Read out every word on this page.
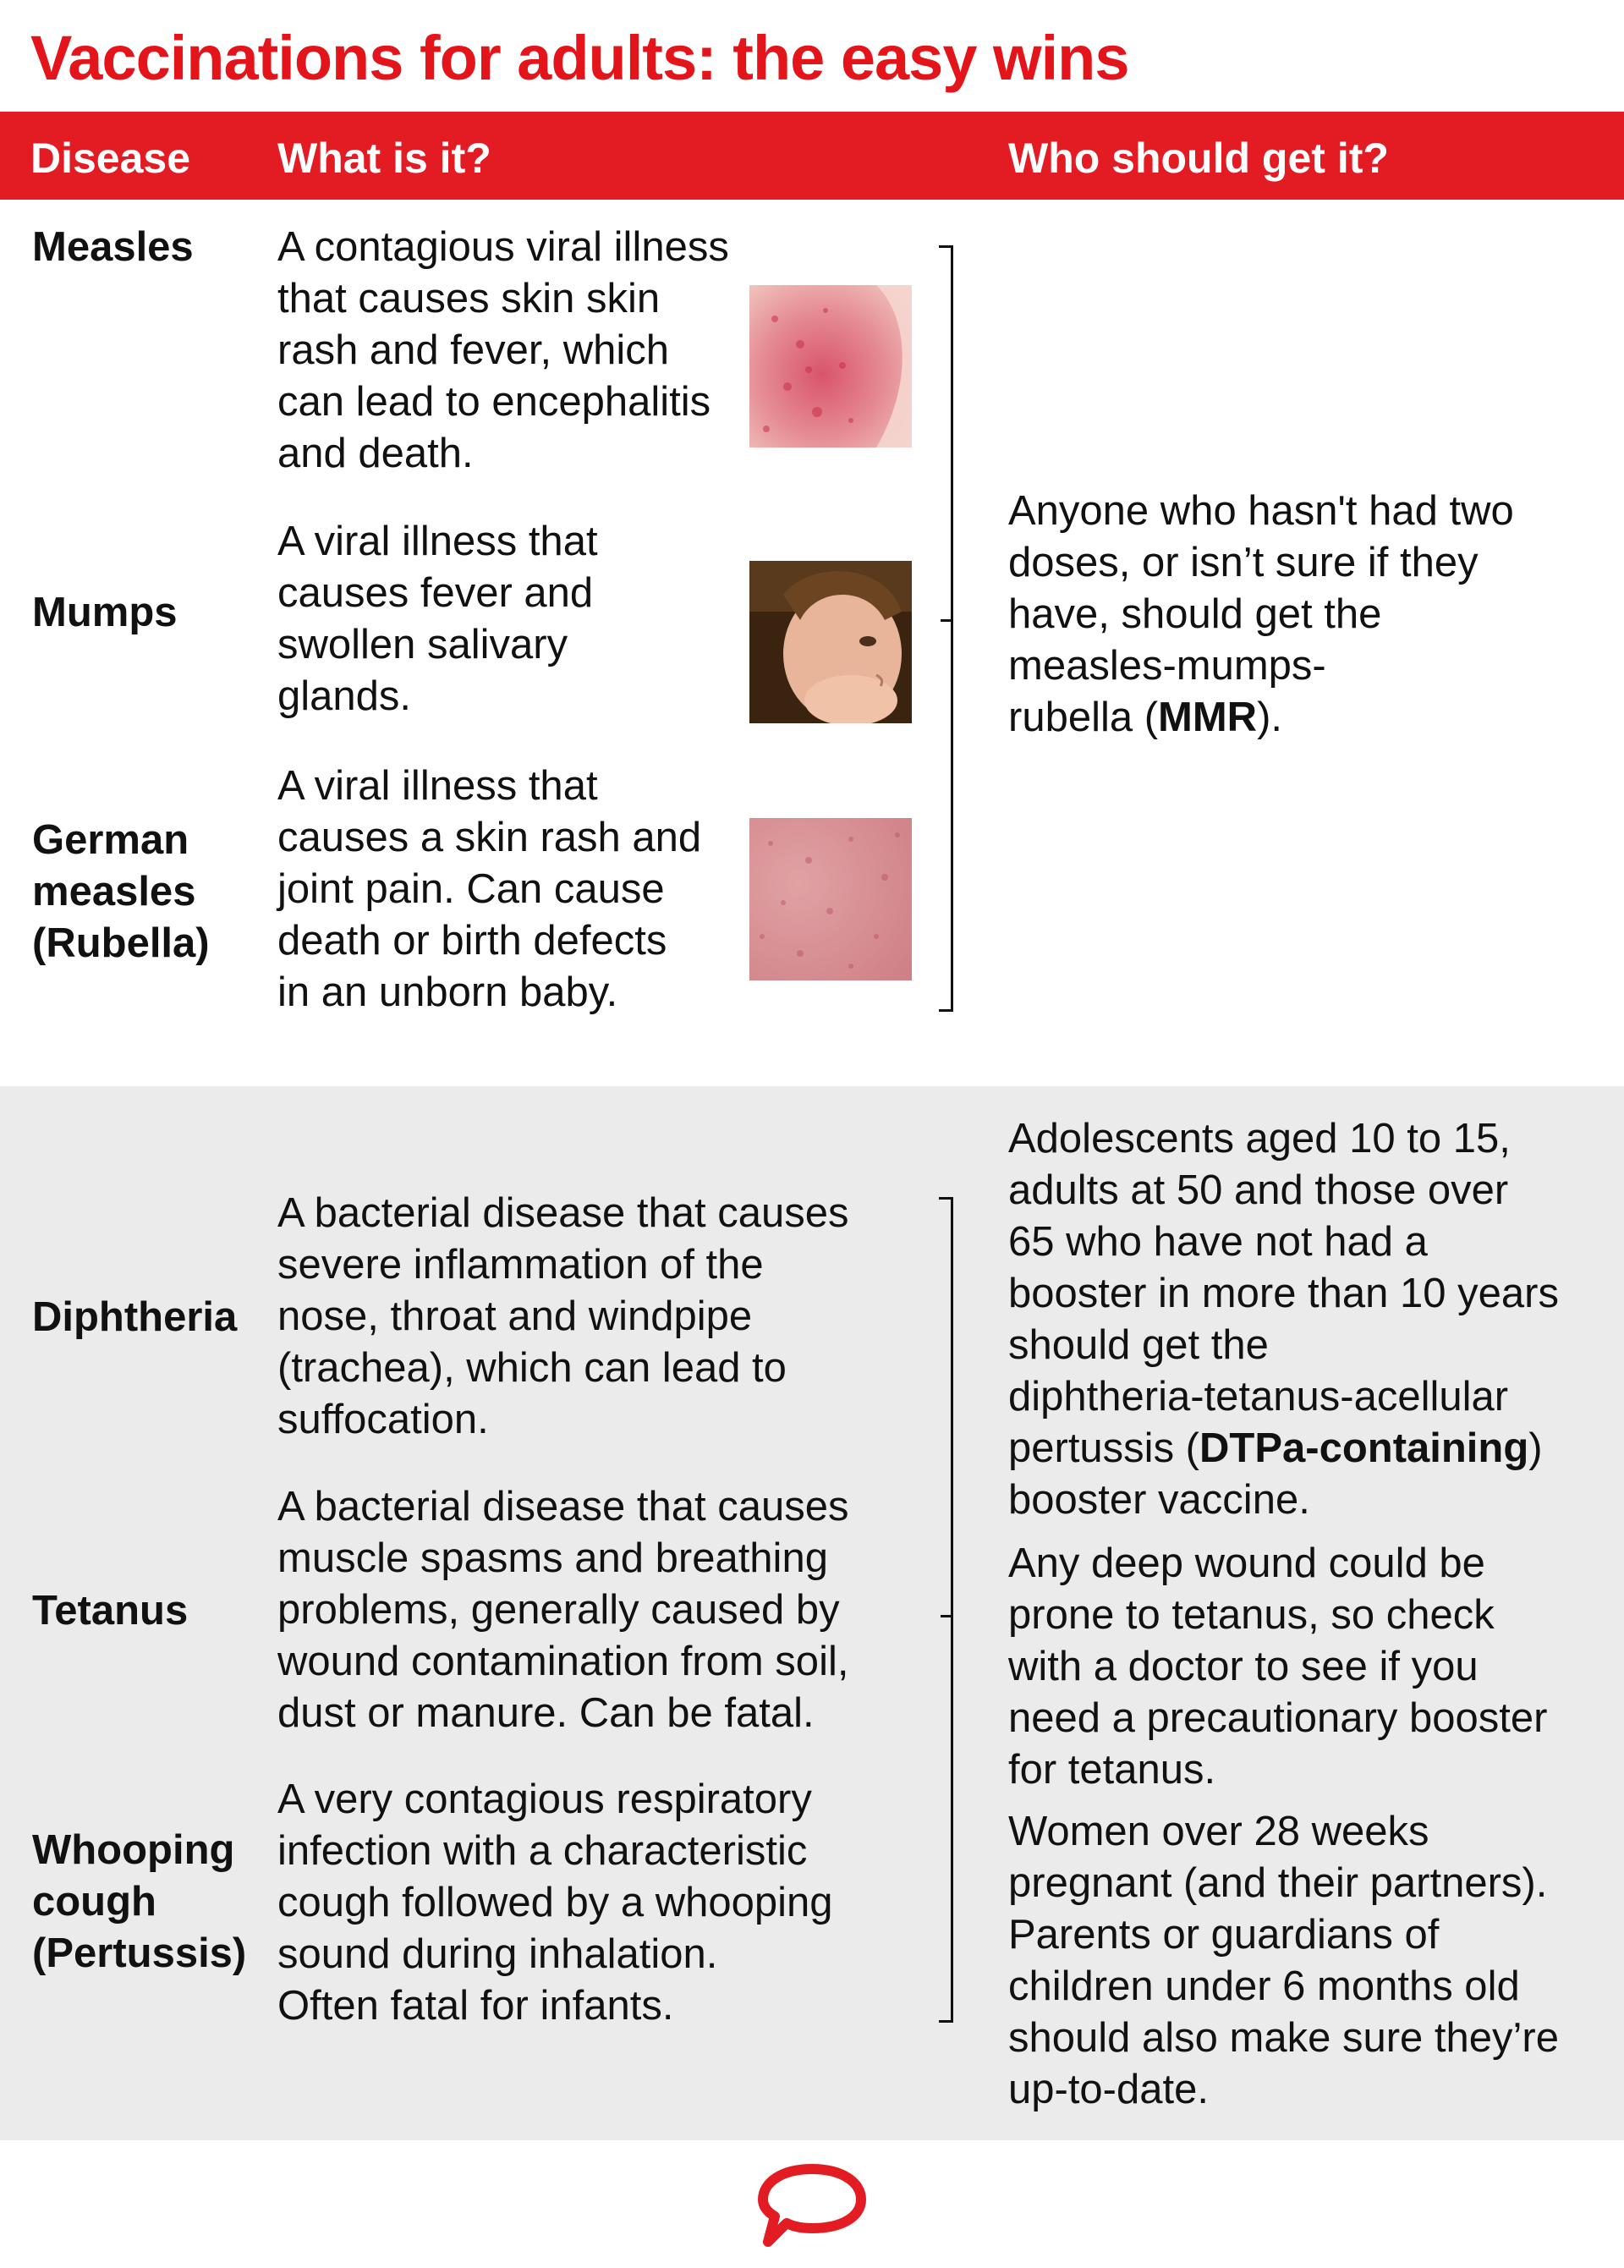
Vaccinations for adults: the easy wins
Disease What is it?	Who should get it?
Measles A contagious viral illness
that causes skin skin
rash and fever, which
can lead to encephalitis
and death.
Mumps
A viral illness that
causes fever and
swollen salivary
glands.
German
measles
(Rubella)
A viral illness that
causes a skin rash and
joint pain. Can cause
death or birth defects
in an unborn baby.
Anyone who hasn't had two
doses, or isn’t sure if they
have, should get the
measles-mumps-
rubella (MMR).
Diphtheria
A bacterial disease that causes
severe inflammation of the
nose, throat and windpipe
(trachea), which can lead to
suffocation.
Tetanus
A bacterial disease that causes
muscle spasms and breathing
problems, generally caused by
wound contamination from soil,
dust or manure. Can be fatal.
Whooping
cough
(Pertussis)
A very contagious respiratory
infection with a characteristic
cough followed by a whooping
sound during inhalation.
Often fatal for infants.
Adolescents aged 10 to 15,
adults at 50 and those over
65 who have not had a
booster in more than 10 years
should get the
diphtheria-tetanus-acellular
pertussis (DTPa-containing)
booster vaccine.
Any deep wound could be
prone to tetanus, so check
with a doctor to see if you
need a precautionary booster
for tetanus.
Women over 28 weeks
pregnant (and their partners).
Parents or guardians of
children under 6 months old
should also make sure they’re
up-to-date.
